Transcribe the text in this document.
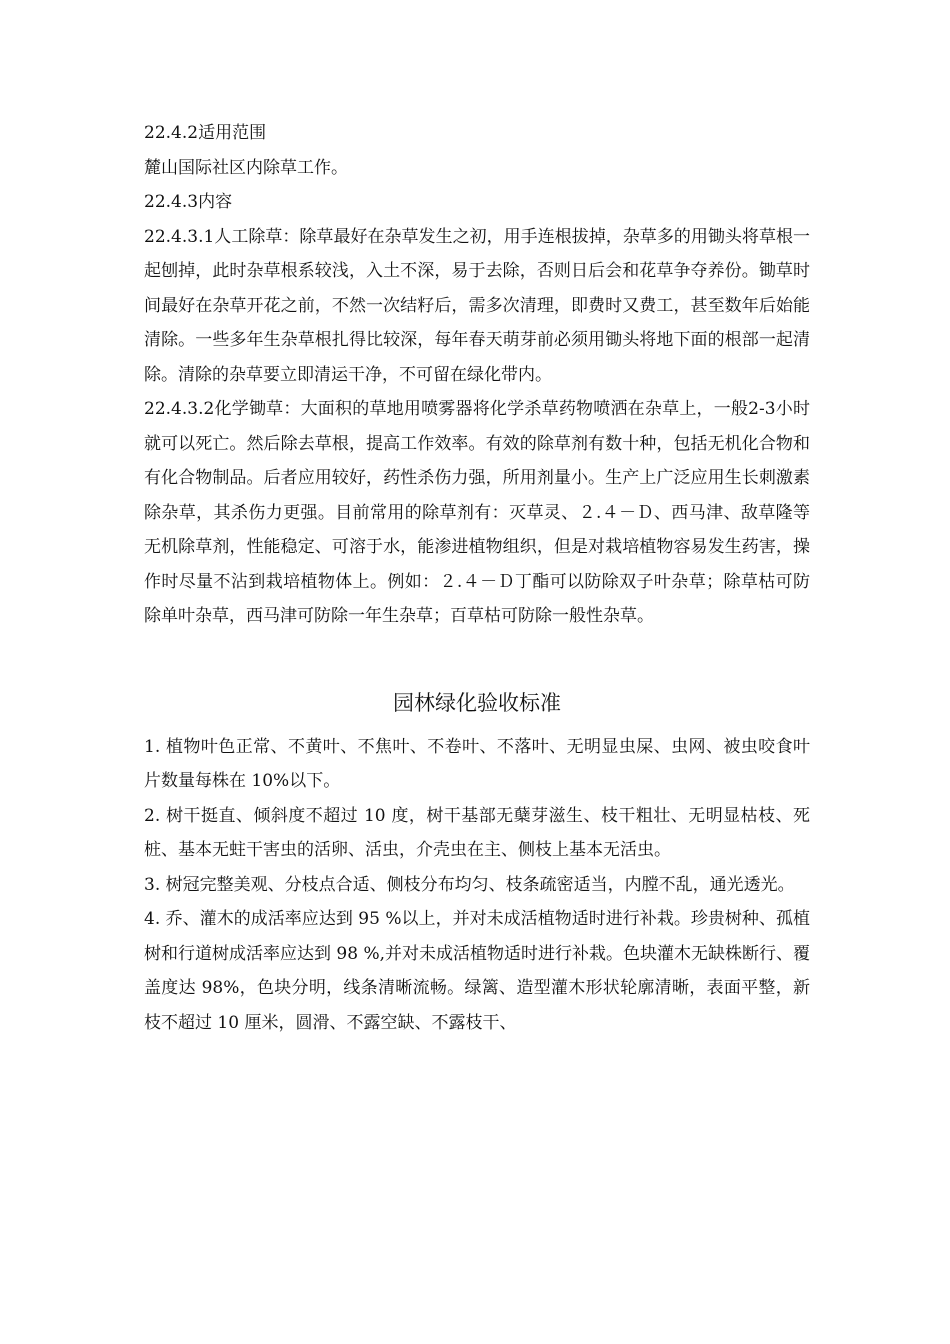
22.4.2适用范围

麓山国际社区内除草工作。

22.4.3内容

22.4.3.1人工除草：除草最好在杂草发生之初，用手连根拔掉，杂草多的用锄头将草根一起刨掉，此时杂草根系较浅，入土不深，易于去除，否则日后会和花草争夺养份。锄草时间最好在杂草开花之前，不然一次结籽后，需多次清理，即费时又费工，甚至数年后始能清除。一些多年生杂草根扎得比较深，每年春天萌芽前必须用锄头将地下面的根部一起清除。清除的杂草要立即清运干净，不可留在绿化带内。

22.4.3.2化学锄草：大面积的草地用喷雾器将化学杀草药物喷洒在杂草上，一般2-3小时就可以死亡。然后除去草根，提高工作效率。有效的除草剂有数十种，包括无机化合物和有化合物制品。后者应用较好，药性杀伤力强，所用剂量小。生产上广泛应用生长刺激素除杂草，其杀伤力更强。目前常用的除草剂有：灭草灵、２.４－Ｄ、西马津、敌草隆等无机除草剂，性能稳定、可溶于水，能渗进植物组织，但是对栽培植物容易发生药害，操作时尽量不沾到栽培植物体上。例如：２.４－Ｄ丁酯可以防除双子叶杂草；除草枯可防除单叶杂草，西马津可防除一年生杂草；百草枯可防除一般性杂草。

园林绿化验收标准

1. 植物叶色正常、不黄叶、不焦叶、不卷叶、不落叶、无明显虫屎、虫网、被虫咬食叶片数量每株在 10%以下。

2. 树干挺直、倾斜度不超过 10 度，树干基部无蘖芽滋生、枝干粗壮、无明显枯枝、死桩、基本无蛀干害虫的活卵、活虫，介壳虫在主、侧枝上基本无活虫。

3. 树冠完整美观、分枝点合适、侧枝分布均匀、枝条疏密适当，内膛不乱，通光透光。

4. 乔、灌木的成活率应达到 95 %以上，并对未成活植物适时进行补栽。珍贵树种、孤植树和行道树成活率应达到 98 %,并对未成活植物适时进行补栽。色块灌木无缺株断行、覆盖度达 98%，色块分明，线条清晰流畅。绿篱、造型灌木形状轮廓清晰，表面平整，新枝不超过 10 厘米，圆滑、不露空缺、不露枝干、
